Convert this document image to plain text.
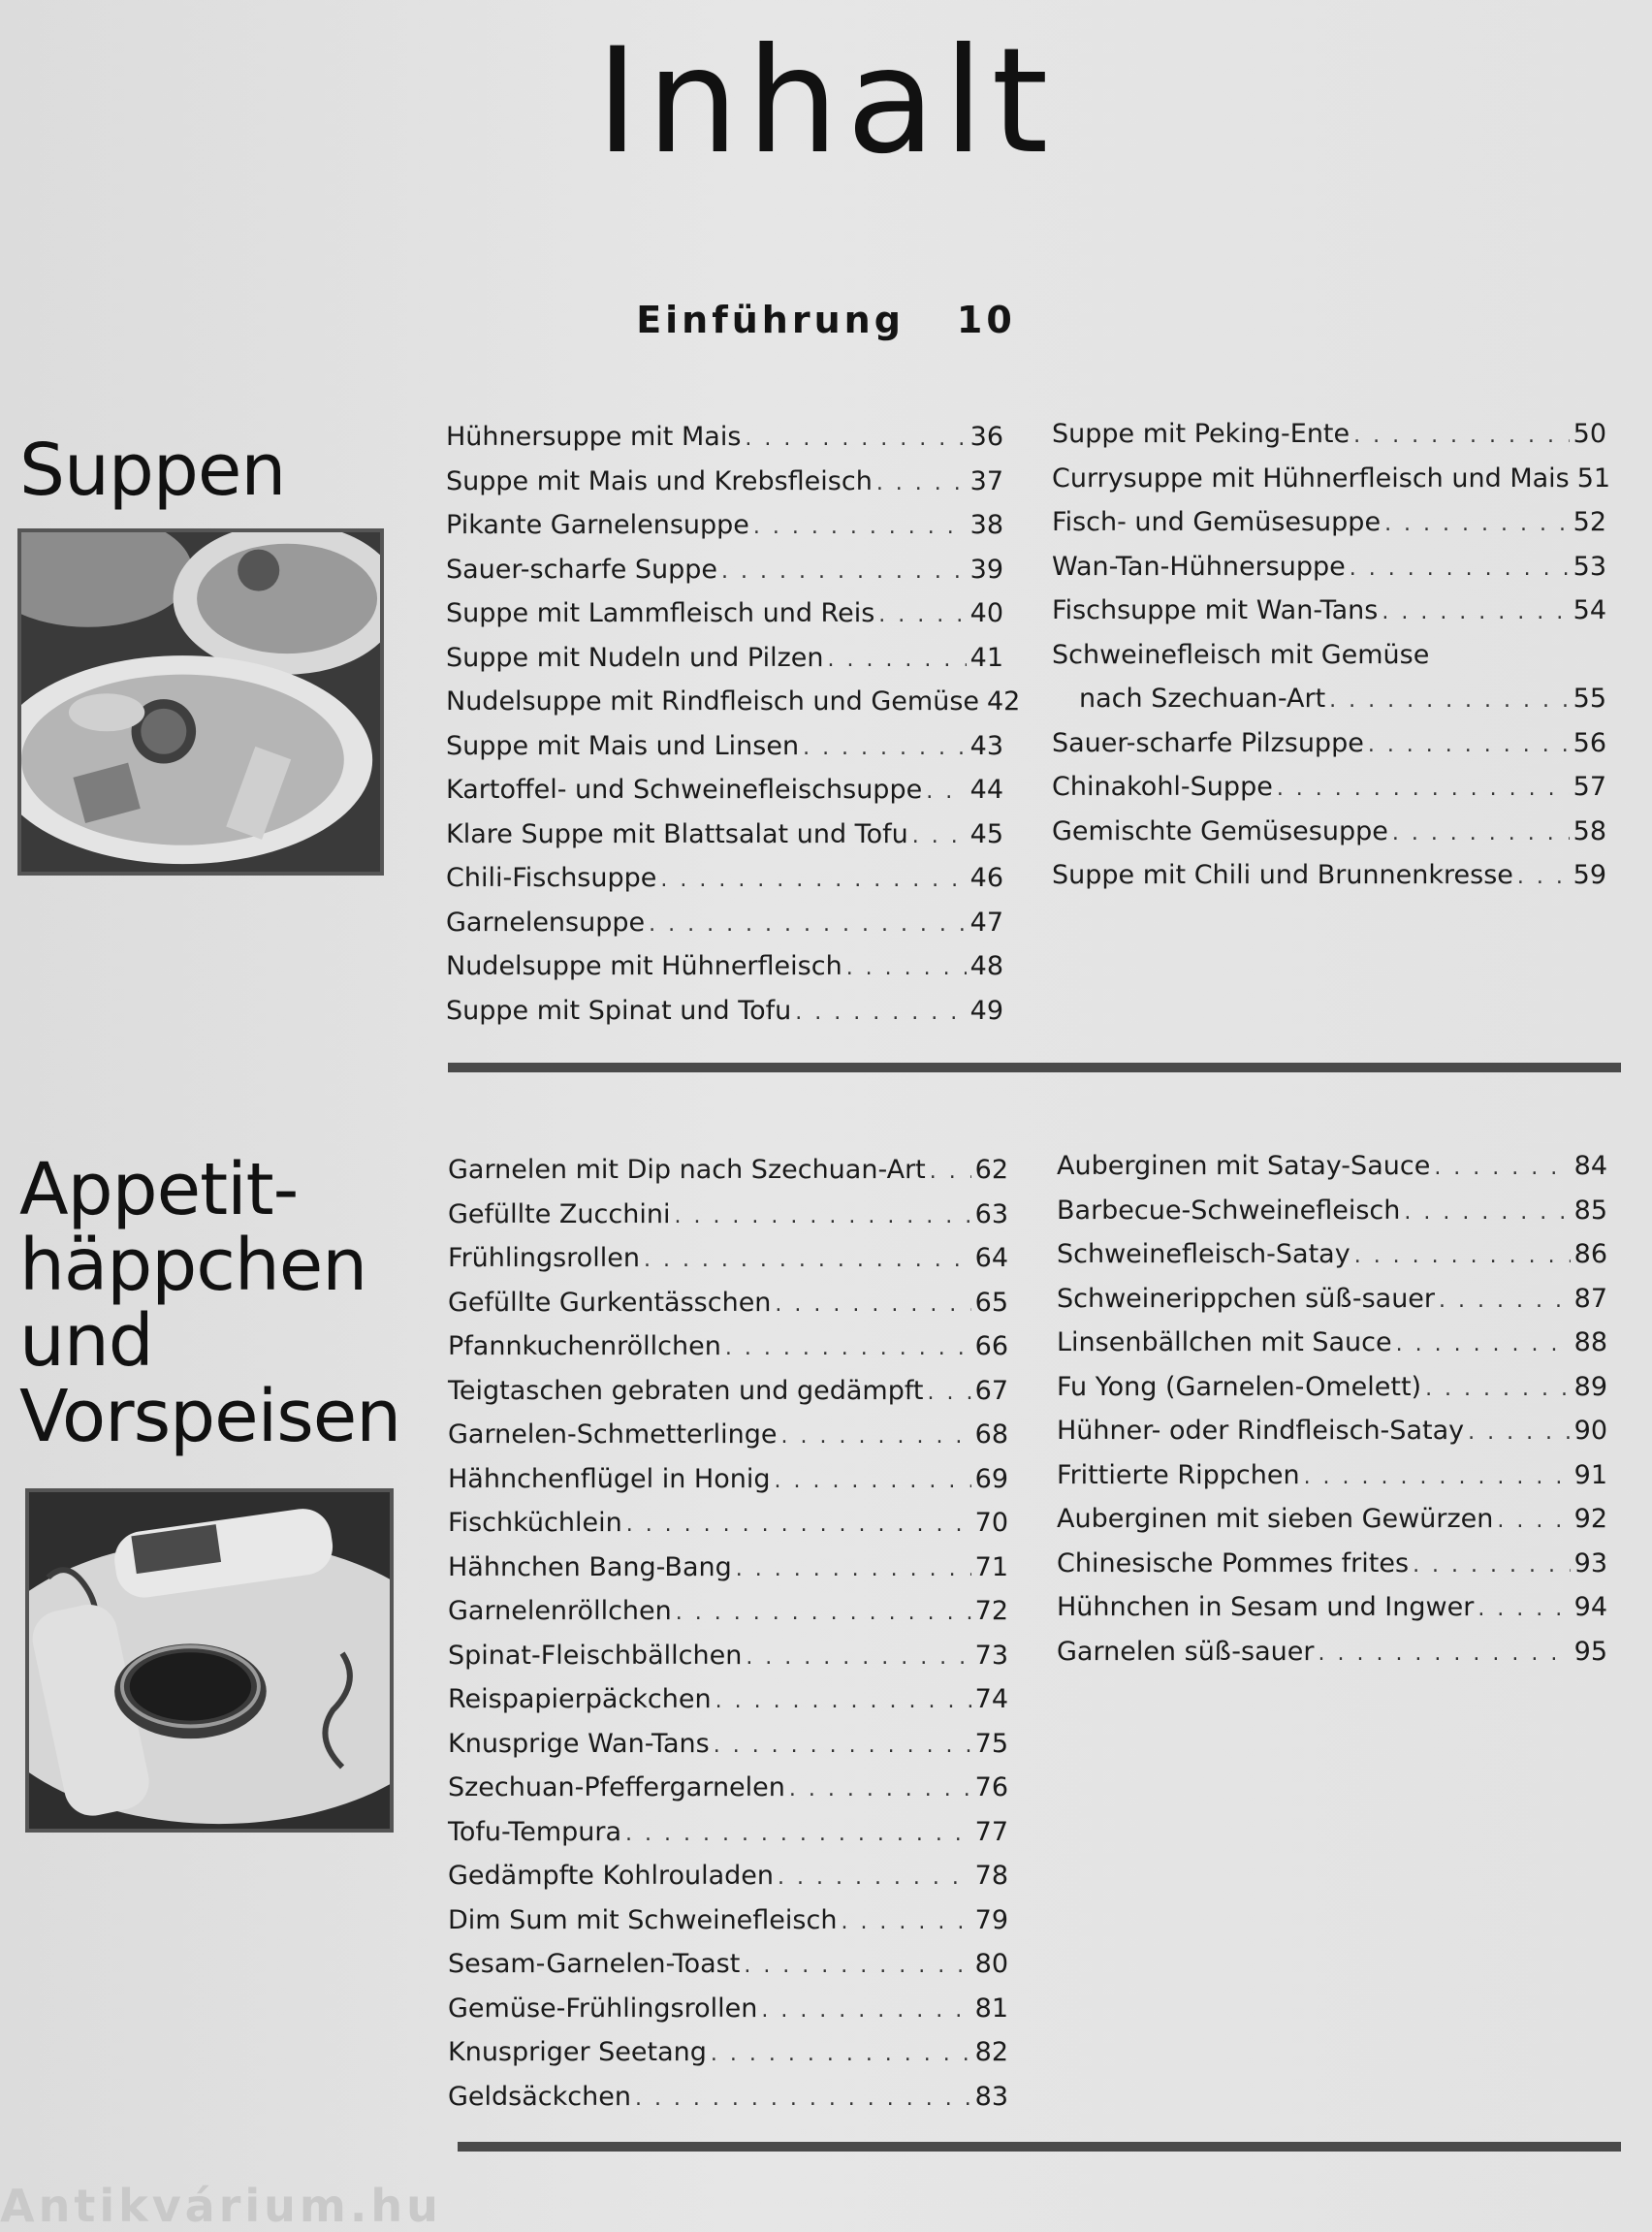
Inhalt
Einführung 10
Suppen	Hühnersuppe mit Mais . . .	36
Suppe mit Mais und Krebsfleisch . . .	37
Pikante Garnelensuppe . . .	38
Sauer-scharfe Suppe . . .	39
Suppe mit Lammfleisch und Reis . . .	40
Suppe mit Nudeln und Pilzen . . .	41
Nudelsuppe mit Rindfleisch und Gemüse 42
Suppe mit Mais und Linsen . . .	43
Kartoffel- und Schweinefleischsuppe . . . 44
Klare Suppe mit Blattsalat und Tofu . . . 45
Chili-Fischsuppe . . .	46
Garnelensuppe . . .	47
Nudelsuppe mit Hühnerfleisch . . .	48
Suppe mit Spinat und Tofu . . .	49
Suppe mit Peking-Ente . . .	50
Currysuppe mit Hühnerfleisch und Mais 51
Fisch- und Gemüsesuppe . . .	52
Wan-Tan-Hühnersuppe . . .	53
Fischsuppe mit Wan-Tans . . .	54
Schweinefleisch mit Gemüse
nach Szechuan-Art . . .	55
Sauer-scharfe Pilzsuppe . . .	56
Chinakohl-Suppe . . .	57
Gemischte Gemüsesuppe . . .	58
Suppe mit Chili und Brunnenkresse . . . 59
Appetit-
häppchen
und
Vorspeisen
Garnelen mit Dip nach Szechuan-Art . . . 62
Gefüllte Zucchini . . .	63
Frühlingsrollen . . .	64
Gefüllte Gurkentässchen . . .	65
Pfannkuchenröllchen . . .	66
Teigtaschen gebraten und gedämpft . . . 67
Garnelen-Schmetterlinge . . .	68
Hähnchenflügel in Honig . . .	69
Fischküchlein . . .	70
Hähnchen Bang-Bang . . .	71
Garnelenröllchen . . .	72
Spinat-Fleischbällchen . . .	73
Reispapierpäckchen . . .	74
Knusprige Wan-Tans . . .	75
Szechuan-Pfeffergarnelen . . .	76
Tofu-Tempura . . .	77
Gedämpfte Kohlrouladen . . .	78
Dim Sum mit Schweinefleisch . . .	79
Sesam-Garnelen-Toast . . .	80
Gemüse-Frühlingsrollen . . .	81
Knuspriger Seetang . . .	82
Geldsäckchen . . .	83
Auberginen mit Satay-Sauce . . .	84
Barbecue-Schweinefleisch . . .	85
Schweinefleisch-Satay . . .	86
Schweinerippchen süß-sauer . . .	87
Linsenbällchen mit Sauce . . .	88
Fu Yong (Garnelen-Omelett) . . .	89
Hühner- oder Rindfleisch-Satay . . .	90
Frittierte Rippchen . . .	91
Auberginen mit sieben Gewürzen . . .	92
Chinesische Pommes frites . . .	93
Hühnchen in Sesam und Ingwer . . .	94
Garnelen süß-sauer . . .	95
Antikvárium.hu
